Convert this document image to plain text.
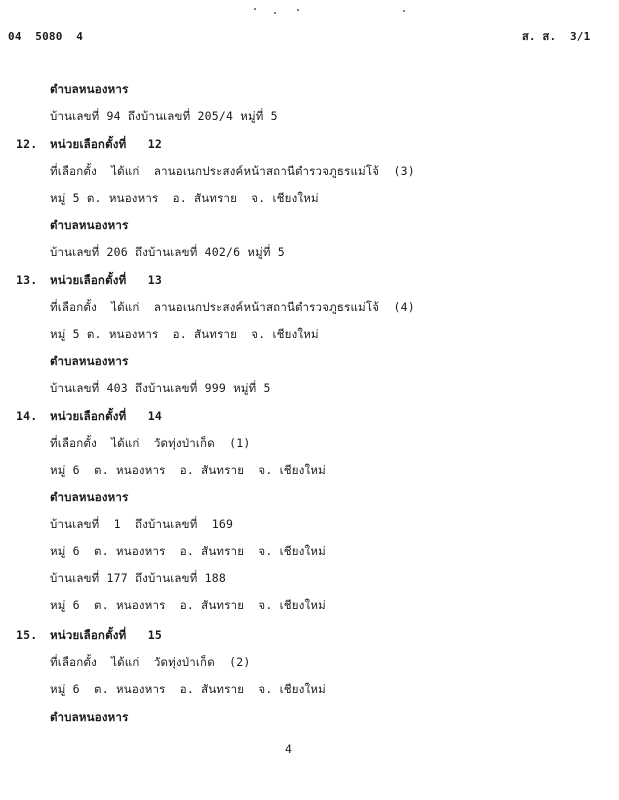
04  5080  4	ส. ส.  3/1
ตำบลหนองหาร
บ้านเลขที่ 94 ถึงบ้านเลขที่ 205/4 หมู่ที่ 5
12. หน่วยเลือกตั้งที่   12
ที่เลือกตั้ง  ได้แก่  ลานอเนกประสงค์หน้าสถานีตำรวจภูธรแม่โจ้  (3)
หมู่ 5 ต. หนองหาร  อ. สันทราย  จ. เชียงใหม่
ตำบลหนองหาร
บ้านเลขที่ 206 ถึงบ้านเลขที่ 402/6 หมู่ที่ 5
13. หน่วยเลือกตั้งที่   13
ที่เลือกตั้ง  ได้แก่  ลานอเนกประสงค์หน้าสถานีตำรวจภูธรแม่โจ้  (4)
หมู่ 5 ต. หนองหาร  อ. สันทราย  จ. เชียงใหม่
ตำบลหนองหาร
บ้านเลขที่ 403 ถึงบ้านเลขที่ 999 หมู่ที่ 5
14. หน่วยเลือกตั้งที่   14
ที่เลือกตั้ง  ได้แก่  วัดทุ่งป่าเก็ด  (1)
หมู่ 6  ต. หนองหาร  อ. สันทราย  จ. เชียงใหม่
ตำบลหนองหาร
บ้านเลขที่  1  ถึงบ้านเลขที่  169
หมู่ 6  ต. หนองหาร  อ. สันทราย  จ. เชียงใหม่
บ้านเลขที่ 177 ถึงบ้านเลขที่ 188
หมู่ 6  ต. หนองหาร  อ. สันทราย  จ. เชียงใหม่
15. หน่วยเลือกตั้งที่   15
ที่เลือกตั้ง  ได้แก่  วัดทุ่งป่าเก็ด  (2)
หมู่ 6  ต. หนองหาร  อ. สันทราย  จ. เชียงใหม่
ตำบลหนองหาร
4
